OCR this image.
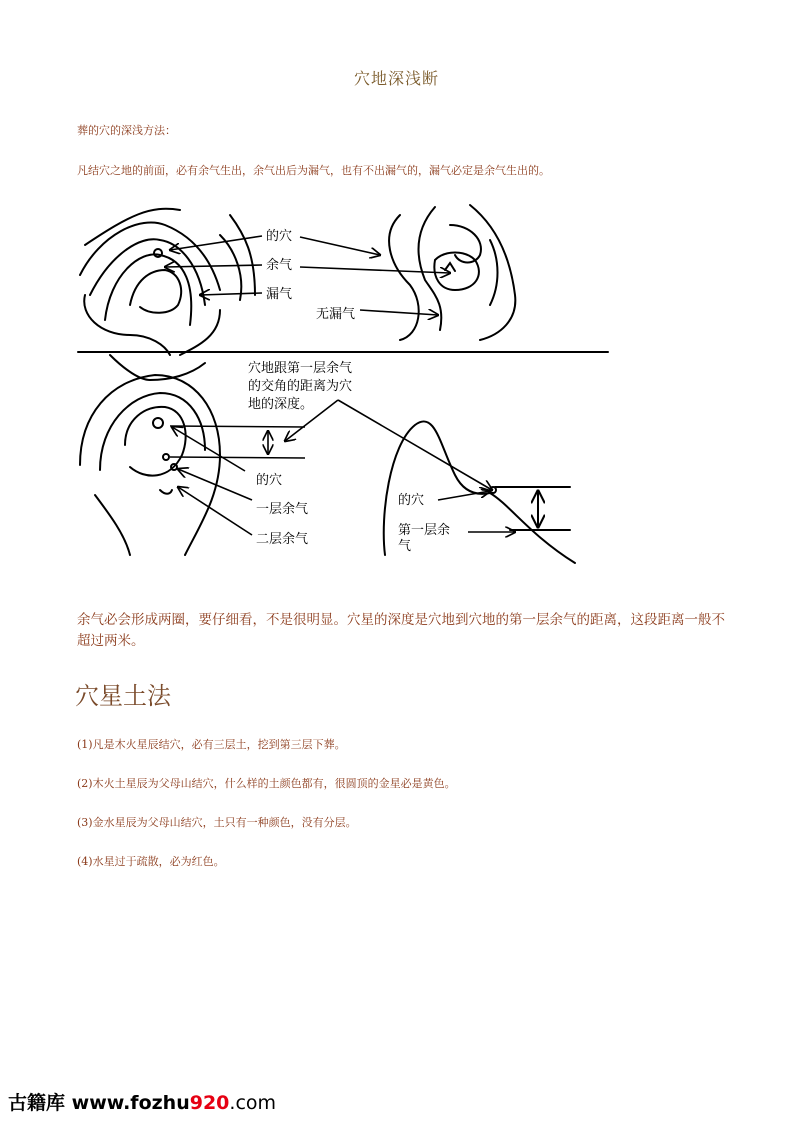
穴地深浅断
葬的穴的深浅方法：
凡结穴之地的前面，必有余气生出，余气出后为漏气，也有不出漏气的，漏气必定是余气生出的。
的穴
余气
漏气
无漏气
穴地跟第一层余气
的交角的距离为穴
地的深度。
的穴
一层余气
二层余气
的穴
第一层余
气
余气必会形成两圈，要仔细看，不是很明显。穴星的深度是穴地到穴地的第一层余气的距离，这段距离一般不超过两米。
穴星土法
(1)凡是木火星辰结穴，必有三层土，挖到第三层下葬。
(2)木火土星辰为父母山结穴，什么样的土颜色都有，很圆顶的金星必是黄色。
(3)金水星辰为父母山结穴，土只有一种颜色，没有分层。
(4)水星过于疏散，必为红色。
古籍库 www.fozhu920.com
